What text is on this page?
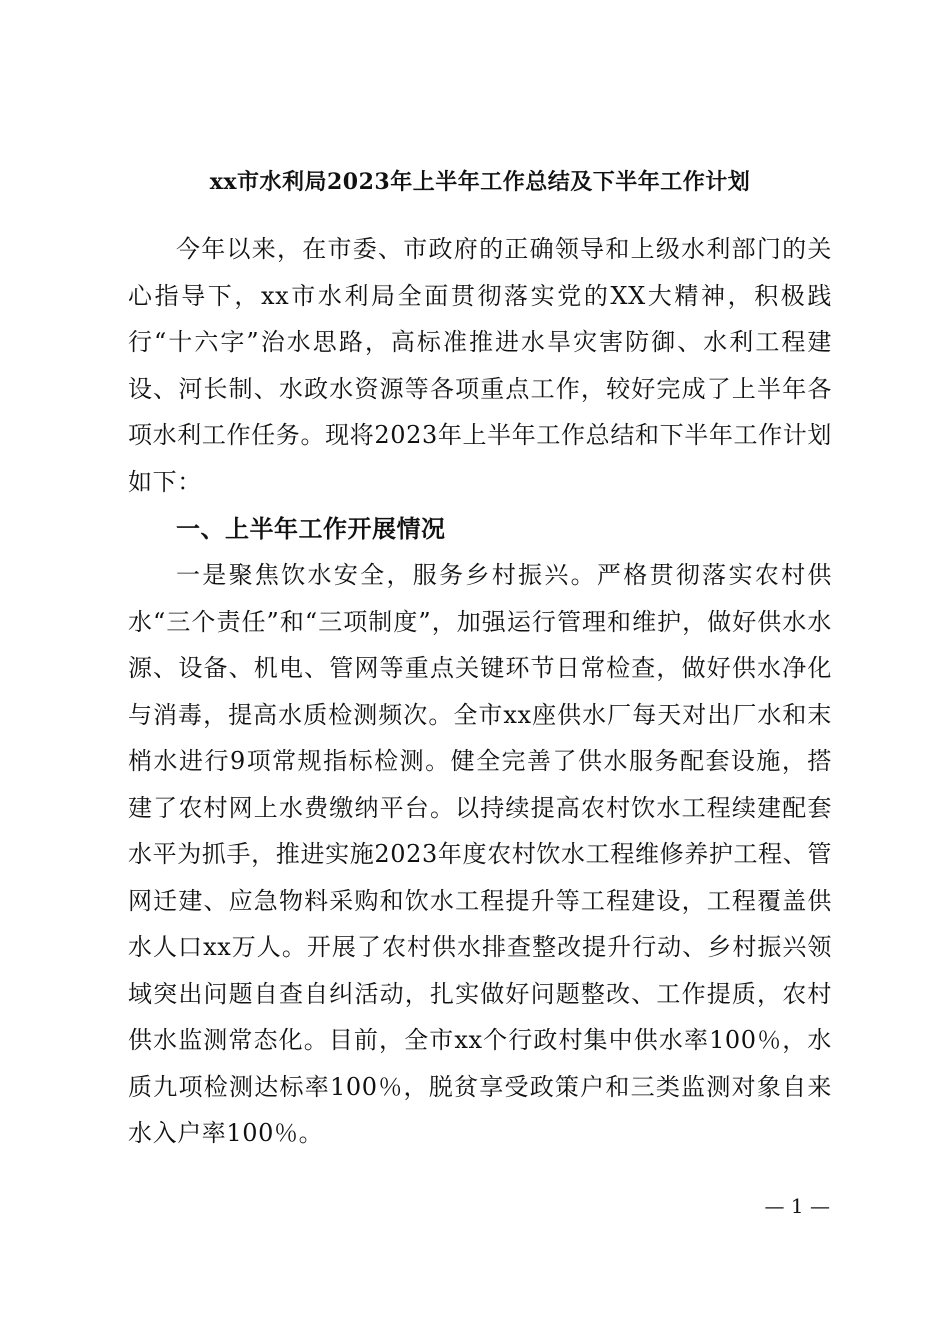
xx市水利局2023年上半年工作总结及下半年工作计划

今年以来，在市委、市政府的正确领导和上级水利部门的关心指导下，xx市水利局全面贯彻落实党的XX大精神，积极践行“十六字”治水思路，高标准推进水旱灾害防御、水利工程建设、河长制、水政水资源等各项重点工作，较好完成了上半年各项水利工作任务。现将2023年上半年工作总结和下半年工作计划如下：

一、上半年工作开展情况

一是聚焦饮水安全，服务乡村振兴。严格贯彻落实农村供水“三个责任”和“三项制度”，加强运行管理和维护，做好供水水源、设备、机电、管网等重点关键环节日常检查，做好供水净化与消毒，提高水质检测频次。全市xx座供水厂每天对出厂水和末梢水进行9项常规指标检测。健全完善了供水服务配套设施，搭建了农村网上水费缴纳平台。以持续提高农村饮水工程续建配套水平为抓手，推进实施2023年度农村饮水工程维修养护工程、管网迁建、应急物料采购和饮水工程提升等工程建设，工程覆盖供水人口xx万人。开展了农村供水排查整改提升行动、乡村振兴领域突出问题自查自纠活动，扎实做好问题整改、工作提质，农村供水监测常态化。目前，全市xx个行政村集中供水率100％，水质九项检测达标率100％，脱贫享受政策户和三类监测对象自来水入户率100％。

— 1 —
